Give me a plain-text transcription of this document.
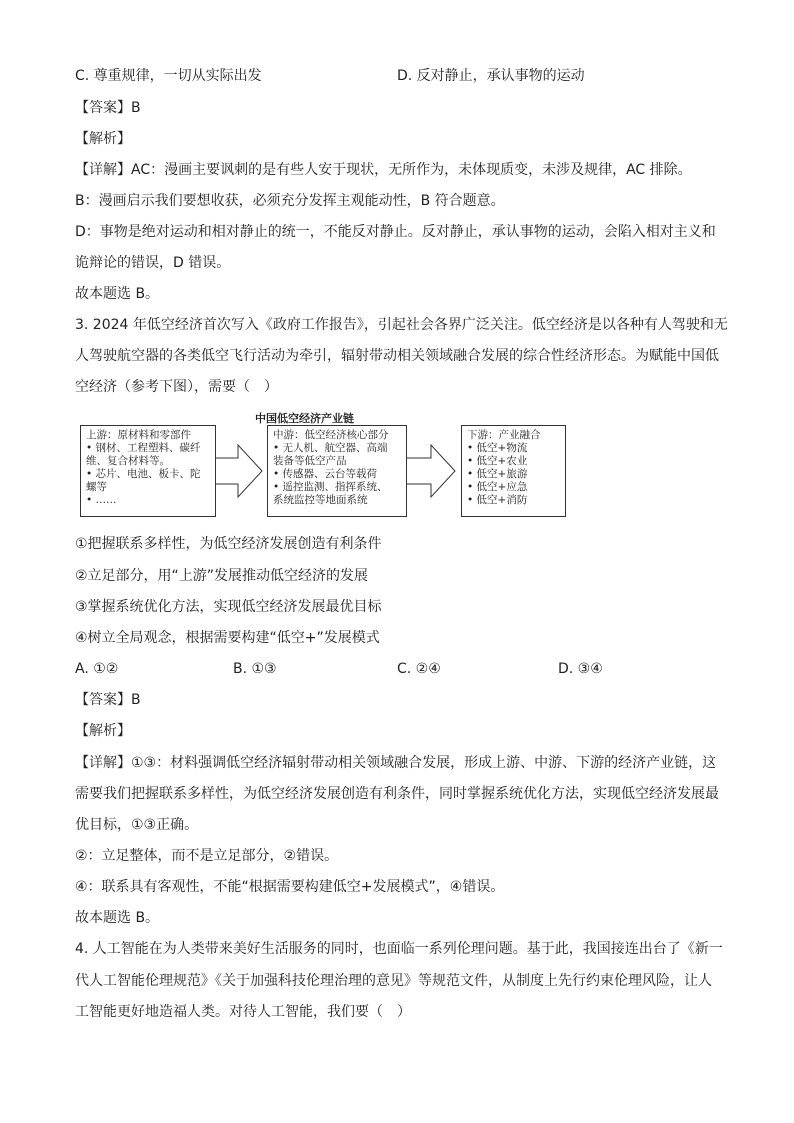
C. 尊重规律，一切从实际出发	D. 反对静止，承认事物的运动
【答案】B
【解析】
【详解】AC：漫画主要讽刺的是有些人安于现状，无所作为，未体现质变，未涉及规律，AC 排除。
B：漫画启示我们要想收获，必须充分发挥主观能动性，B 符合题意。
D：事物是绝对运动和相对静止的统一，不能反对静止。反对静止，承认事物的运动，会陷入相对主义和
诡辩论的错误，D 错误。
故本题选 B。
3. 2024 年低空经济首次写入《政府工作报告》，引起社会各界广泛关注。低空经济是以各种有人驾驶和无
人驾驶航空器的各类低空飞行活动为牵引，辐射带动相关领域融合发展的综合性经济形态。为赋能中国低
空经济（参考下图），需要（　）
中国低空经济产业链
上游：原材料和零部件
• 钢材、工程塑料、碳纤
维、复合材料等。
• 芯片、电池、板卡、陀
螺等
• ……
中游：低空经济核心部分
• 无人机、航空器、高端
装备等低空产品
• 传感器、云台等载荷
• 遥控监测、指挥系统、
系统监控等地面系统
下游：产业融合
• 低空+物流
• 低空+农业
• 低空+旅游
• 低空+应急
• 低空+消防
①把握联系多样性，为低空经济发展创造有利条件
②立足部分，用“上游”发展推动低空经济的发展
③掌握系统优化方法，实现低空经济发展最优目标
④树立全局观念，根据需要构建“低空+”发展模式
A. ①②	B. ①③	C. ②④	D. ③④
【答案】B
【解析】
【详解】①③：材料强调低空经济辐射带动相关领域融合发展，形成上游、中游、下游的经济产业链，这
需要我们把握联系多样性，为低空经济发展创造有利条件，同时掌握系统优化方法，实现低空经济发展最
优目标，①③正确。
②：立足整体，而不是立足部分，②错误。
④：联系具有客观性，不能“根据需要构建低空+发展模式”，④错误。
故本题选 B。
4. 人工智能在为人类带来美好生活服务的同时，也面临一系列伦理问题。基于此，我国接连出台了《新一
代人工智能伦理规范》《关于加强科技伦理治理的意见》等规范文件，从制度上先行约束伦理风险，让人
工智能更好地造福人类。对待人工智能，我们要（　）
